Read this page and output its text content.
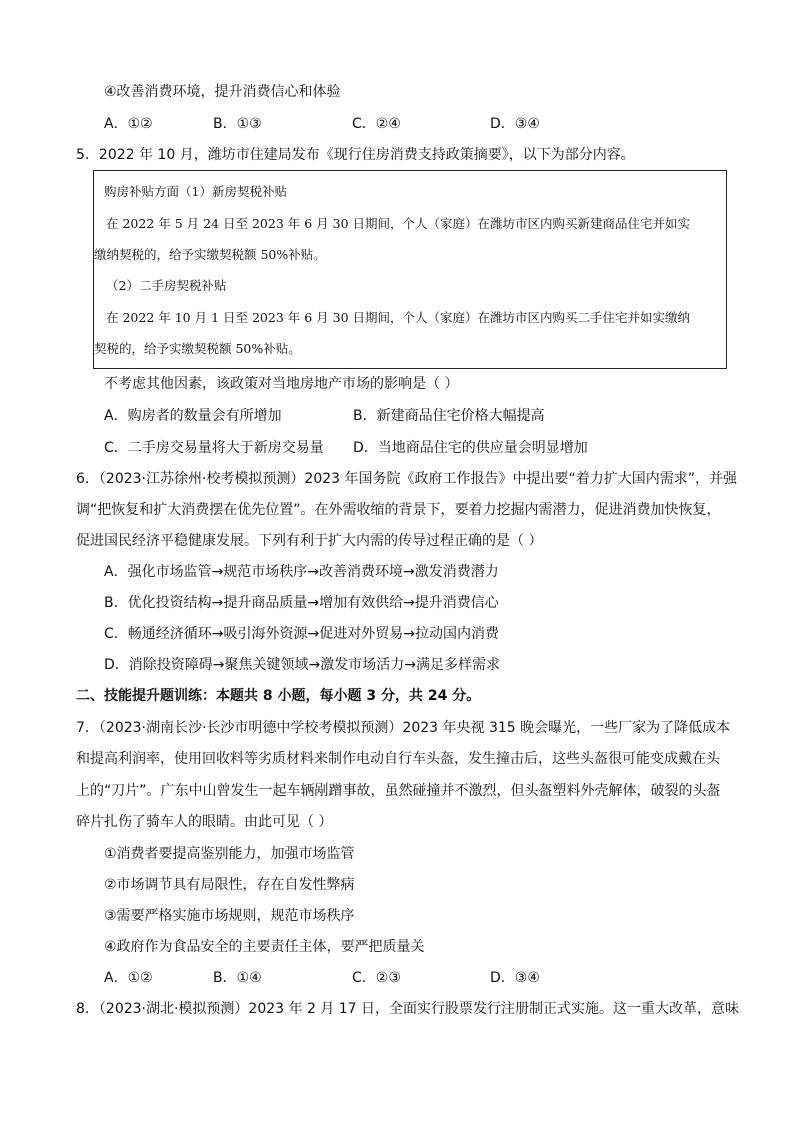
④改善消费环境，提升消费信心和体验
A．①②	B．①③	C．②④	D．③④
5．2022 年 10 月，潍坊市住建局发布《现行住房消费支持政策摘要》，以下为部分内容。
购房补贴方面（1）新房契税补贴
在 2022 年 5 月 24 日至 2023 年 6 月 30 日期间，个人（家庭）在潍坊市区内购买新建商品住宅并如实
缴纳契税的，给予实缴契税额 50%补贴。
（2）二手房契税补贴
在 2022 年 10 月 1 日至 2023 年 6 月 30 日期间，个人（家庭）在潍坊市区内购买二手住宅并如实缴纳
契税的，给予实缴契税额 50%补贴。
不考虑其他因素，该政策对当地房地产市场的影响是（ ）
A．购房者的数量会有所增加	B．新建商品住宅价格大幅提高
C．二手房交易量将大于新房交易量 D．当地商品住宅的供应量会明显增加
6．（2023·江苏徐州·校考模拟预测）2023 年国务院《政府工作报告》中提出要“着力扩大国内需求”，并强
调“把恢复和扩大消费摆在优先位置”。在外需收缩的背景下，要着力挖掘内需潜力，促进消费加快恢复，
促进国民经济平稳健康发展。下列有利于扩大内需的传导过程正确的是（ ）
A．强化市场监管→规范市场秩序→改善消费环境→激发消费潜力
B．优化投资结构→提升商品质量→增加有效供给→提升消费信心
C．畅通经济循环→吸引海外资源→促进对外贸易→拉动国内消费
D．消除投资障碍→聚焦关键领域→激发市场活力→满足多样需求
二、技能提升题训练：本题共 8 小题，每小题 3 分，共 24 分。
7．（2023·湖南长沙·长沙市明德中学校考模拟预测）2023 年央视 315 晚会曝光，一些厂家为了降低成本
和提高利润率，使用回收料等劣质材料来制作电动自行车头盔，发生撞击后，这些头盔很可能变成戴在头
上的“刀片”。广东中山曾发生一起车辆剐蹭事故，虽然碰撞并不激烈，但头盔塑料外壳解体，破裂的头盔
碎片扎伤了骑车人的眼睛。由此可见（ ）
①消费者要提高鉴别能力，加强市场监管
②市场调节具有局限性，存在自发性弊病
③需要严格实施市场规则，规范市场秩序
④政府作为食品安全的主要责任主体，要严把质量关
A．①②	B．①④	C．②③	D．③④
8．（2023·湖北·模拟预测）2023 年 2 月 17 日，全面实行股票发行注册制正式实施。这一重大改革，意味
